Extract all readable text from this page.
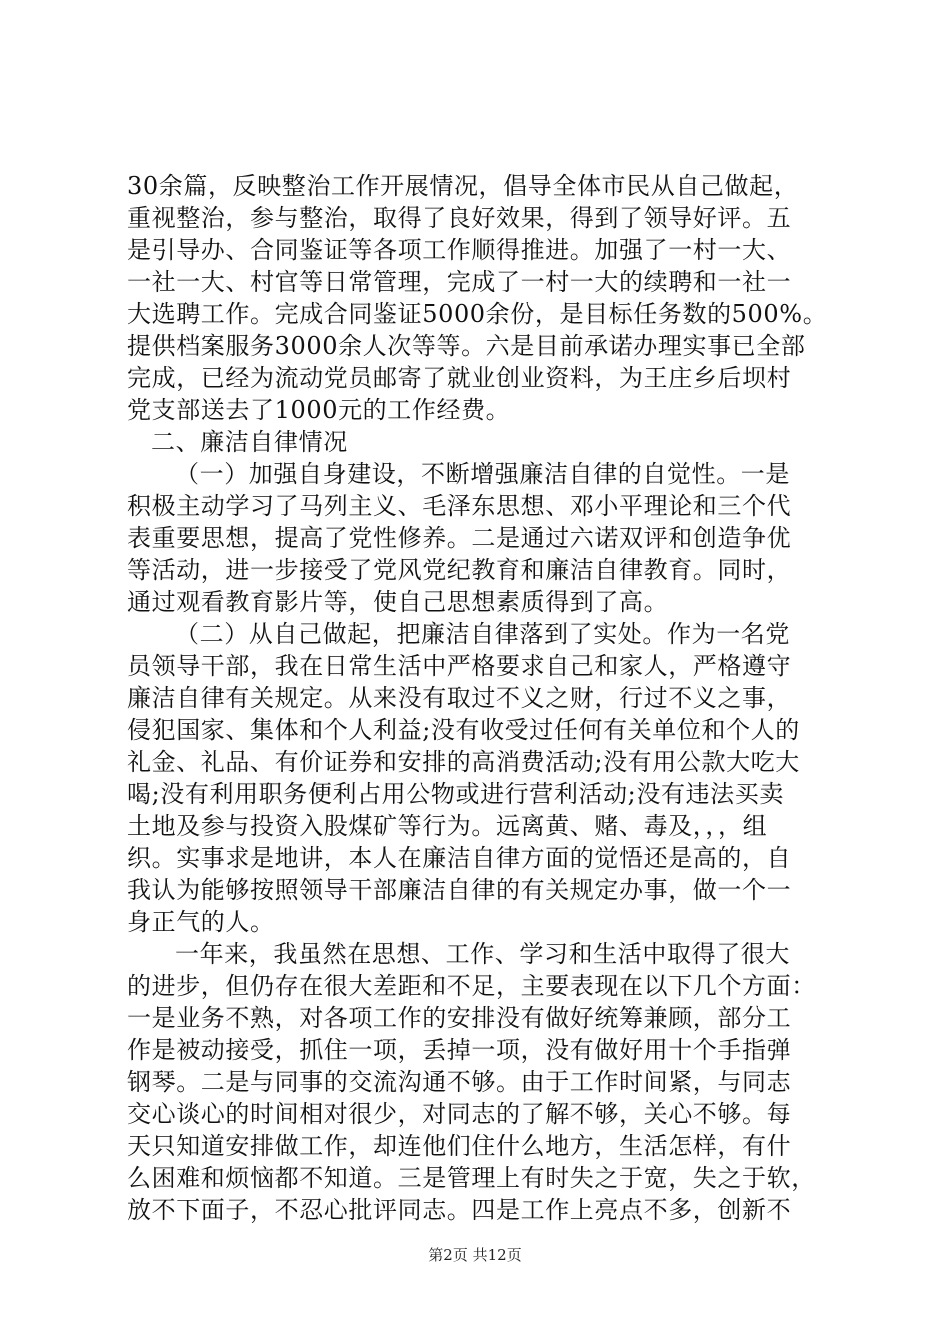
30余篇，反映整治工作开展情况，倡导全体市民从自己做起，
重视整治，参与整治，取得了良好效果，得到了领导好评。五
是引导办、合同鉴证等各项工作顺得推进。加强了一村一大、
一社一大、村官等日常管理，完成了一村一大的续聘和一社一
大选聘工作。完成合同鉴证5000余份，是目标任务数的500%。
提供档案服务3000余人次等等。六是目前承诺办理实事已全部
完成，已经为流动党员邮寄了就业创业资料，为王庄乡后坝村
党支部送去了1000元的工作经费。
二、廉洁自律情况
（一）加强自身建设，不断增强廉洁自律的自觉性。一是
积极主动学习了马列主义、毛泽东思想、邓小平理论和三个代
表重要思想，提高了党性修养。二是通过六诺双评和创造争优
等活动，进一步接受了党风党纪教育和廉洁自律教育。同时，
通过观看教育影片等，使自己思想素质得到了高。
（二）从自己做起，把廉洁自律落到了实处。作为一名党
员领导干部，我在日常生活中严格要求自己和家人，严格遵守
廉洁自律有关规定。从来没有取过不义之财，行过不义之事，
侵犯国家、集体和个人利益;没有收受过任何有关单位和个人的
礼金、礼品、有价证券和安排的高消费活动;没有用公款大吃大
喝;没有利用职务便利占用公物或进行营利活动;没有违法买卖
土地及参与投资入股煤矿等行为。远离黄、赌、毒及，，，组
织。实事求是地讲，本人在廉洁自律方面的觉悟还是高的，自
我认为能够按照领导干部廉洁自律的有关规定办事，做一个一
身正气的人。
一年来，我虽然在思想、工作、学习和生活中取得了很大
的进步，但仍存在很大差距和不足，主要表现在以下几个方面：
一是业务不熟，对各项工作的安排没有做好统筹兼顾，部分工
作是被动接受，抓住一项，丢掉一项，没有做好用十个手指弹
钢琴。二是与同事的交流沟通不够。由于工作时间紧，与同志
交心谈心的时间相对很少，对同志的了解不够，关心不够。每
天只知道安排做工作，却连他们住什么地方，生活怎样，有什
么困难和烦恼都不知道。三是管理上有时失之于宽，失之于软，
放不下面子，不忍心批评同志。四是工作上亮点不多，创新不
第2页 共12页
